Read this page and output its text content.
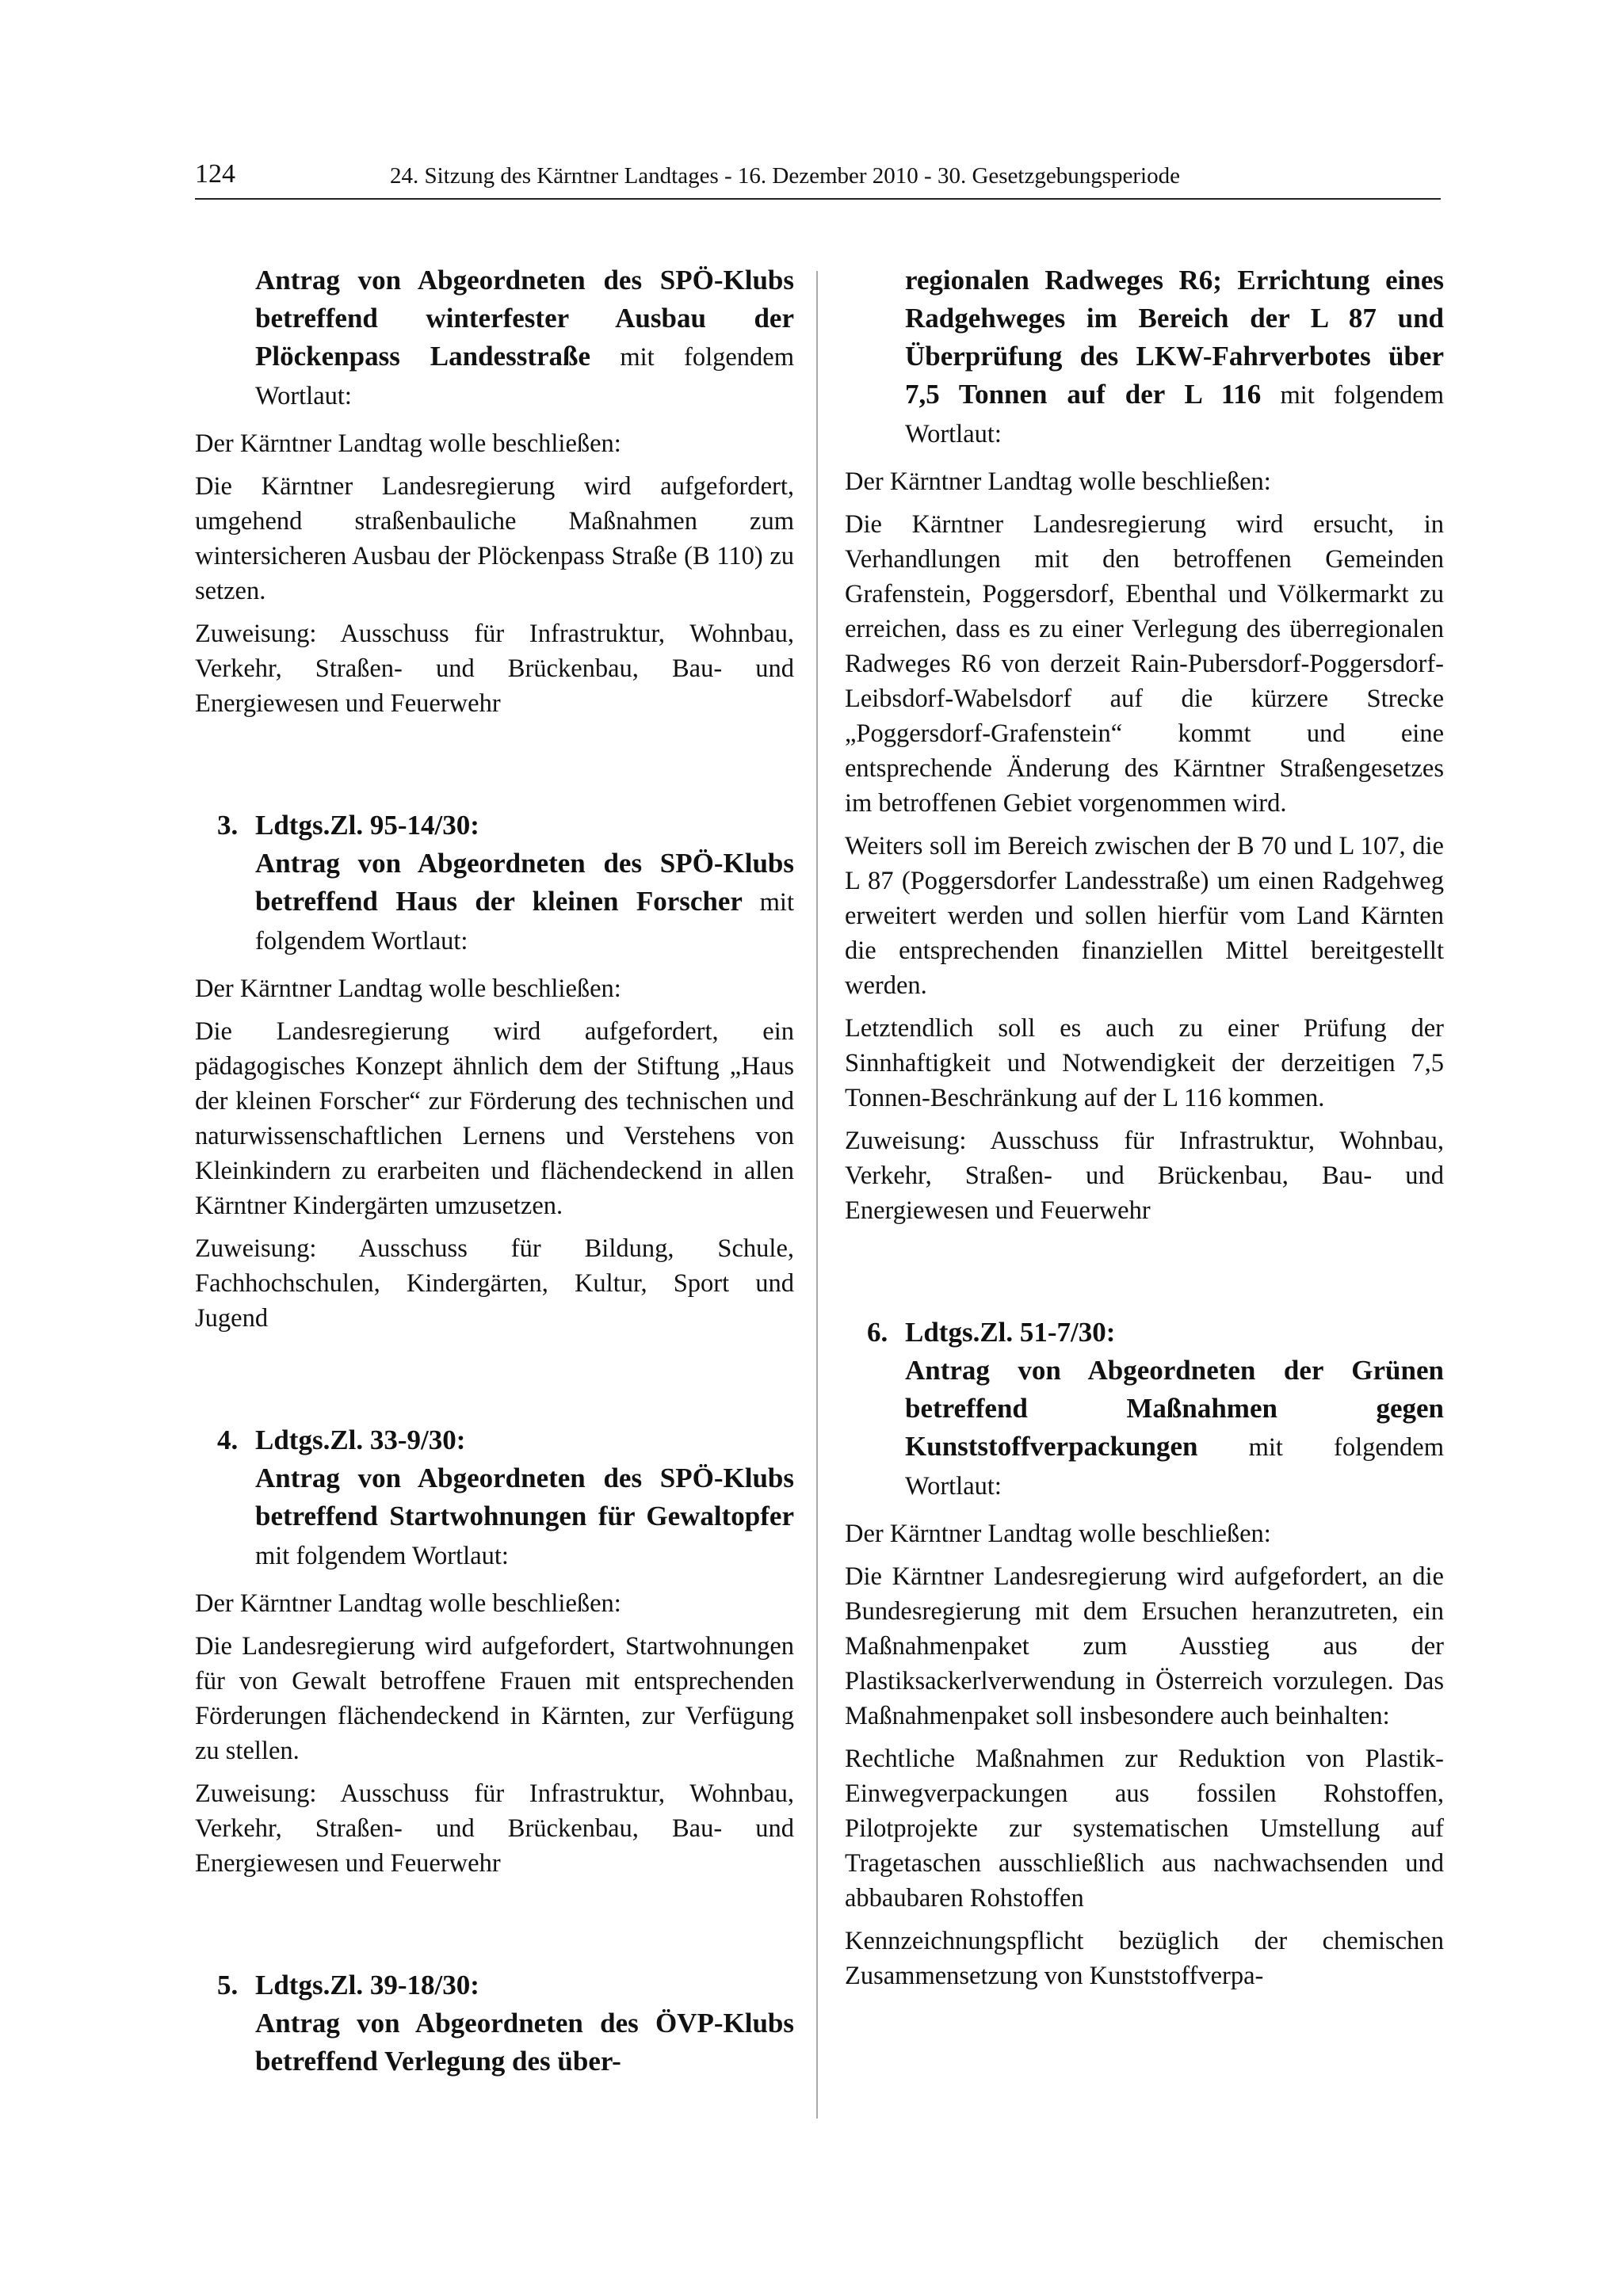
124	24. Sitzung des Kärntner Landtages - 16. Dezember 2010 - 30. Gesetzgebungsperiode
Antrag von Abgeordneten des SPÖ-Klubs betreffend winterfester Ausbau der Plöckenpass Landesstraße mit folgendem Wortlaut:

Der Kärntner Landtag wolle beschließen:

Die Kärntner Landesregierung wird aufgefordert, umgehend straßenbauliche Maßnahmen zum wintersicheren Ausbau der Plöckenpass Straße (B 110) zu setzen.

Zuweisung: Ausschuss für Infrastruktur, Wohnbau, Verkehr, Straßen- und Brückenbau, Bau- und Energiewesen und Feuerwehr

3. Ldtgs.Zl. 95-14/30:
Antrag von Abgeordneten des SPÖ-Klubs betreffend Haus der kleinen Forscher mit folgendem Wortlaut:

Der Kärntner Landtag wolle beschließen:

Die Landesregierung wird aufgefordert, ein pädagogisches Konzept ähnlich dem der Stiftung „Haus der kleinen Forscher“ zur Förderung des technischen und naturwissenschaftlichen Lernens und Verstehens von Kleinkindern zu erarbeiten und flächendeckend in allen Kärntner Kindergärten umzusetzen.

Zuweisung: Ausschuss für Bildung, Schule, Fachhochschulen, Kindergärten, Kultur, Sport und Jugend

4. Ldtgs.Zl. 33-9/30:
Antrag von Abgeordneten des SPÖ-Klubs betreffend Startwohnungen für Gewaltopfer mit folgendem Wortlaut:

Der Kärntner Landtag wolle beschließen:

Die Landesregierung wird aufgefordert, Startwohnungen für von Gewalt betroffene Frauen mit entsprechenden Förderungen flächendeckend in Kärnten, zur Verfügung zu stellen.

Zuweisung: Ausschuss für Infrastruktur, Wohnbau, Verkehr, Straßen- und Brückenbau, Bau- und Energiewesen und Feuerwehr

5. Ldtgs.Zl. 39-18/30:
Antrag von Abgeordneten des ÖVP-Klubs betreffend Verlegung des über-
regionalen Radweges R6; Errichtung eines Radgehweges im Bereich der L 87 und Überprüfung des LKW-Fahrverbotes über 7,5 Tonnen auf der L 116 mit folgendem Wortlaut:

Der Kärntner Landtag wolle beschließen:

Die Kärntner Landesregierung wird ersucht, in Verhandlungen mit den betroffenen Gemeinden Grafenstein, Poggersdorf, Ebenthal und Völkermarkt zu erreichen, dass es zu einer Verlegung des überregionalen Radweges R6 von derzeit Rain-Pubersdorf-Poggersdorf-Leibsdorf-Wabelsdorf auf die kürzere Strecke „Poggersdorf-Grafenstein“ kommt und eine entsprechende Änderung des Kärntner Straßengesetzes im betroffenen Gebiet vorgenommen wird.

Weiters soll im Bereich zwischen der B 70 und L 107, die L 87 (Poggersdorfer Landesstraße) um einen Radgehweg erweitert werden und sollen hierfür vom Land Kärnten die entsprechenden finanziellen Mittel bereitgestellt werden.

Letztendlich soll es auch zu einer Prüfung der Sinnhaftigkeit und Notwendigkeit der derzeitigen 7,5 Tonnen-Beschränkung auf der L 116 kommen.

Zuweisung: Ausschuss für Infrastruktur, Wohnbau, Verkehr, Straßen- und Brückenbau, Bau- und Energiewesen und Feuerwehr

6. Ldtgs.Zl. 51-7/30:
Antrag von Abgeordneten der Grünen betreffend Maßnahmen gegen Kunststoffverpackungen mit folgendem Wortlaut:

Der Kärntner Landtag wolle beschließen:

Die Kärntner Landesregierung wird aufgefordert, an die Bundesregierung mit dem Ersuchen heranzutreten, ein Maßnahmenpaket zum Ausstieg aus der Plastiksackerlverwendung in Österreich vorzulegen. Das Maßnahmenpaket soll insbesondere auch beinhalten:

Rechtliche Maßnahmen zur Reduktion von Plastik-Einwegverpackungen aus fossilen Rohstoffen, Pilotprojekte zur systematischen Umstellung auf Tragetaschen ausschließlich aus nachwachsenden und abbaubaren Rohstoffen

Kennzeichnungspflicht bezüglich der chemischen Zusammensetzung von Kunststoffverpa-
